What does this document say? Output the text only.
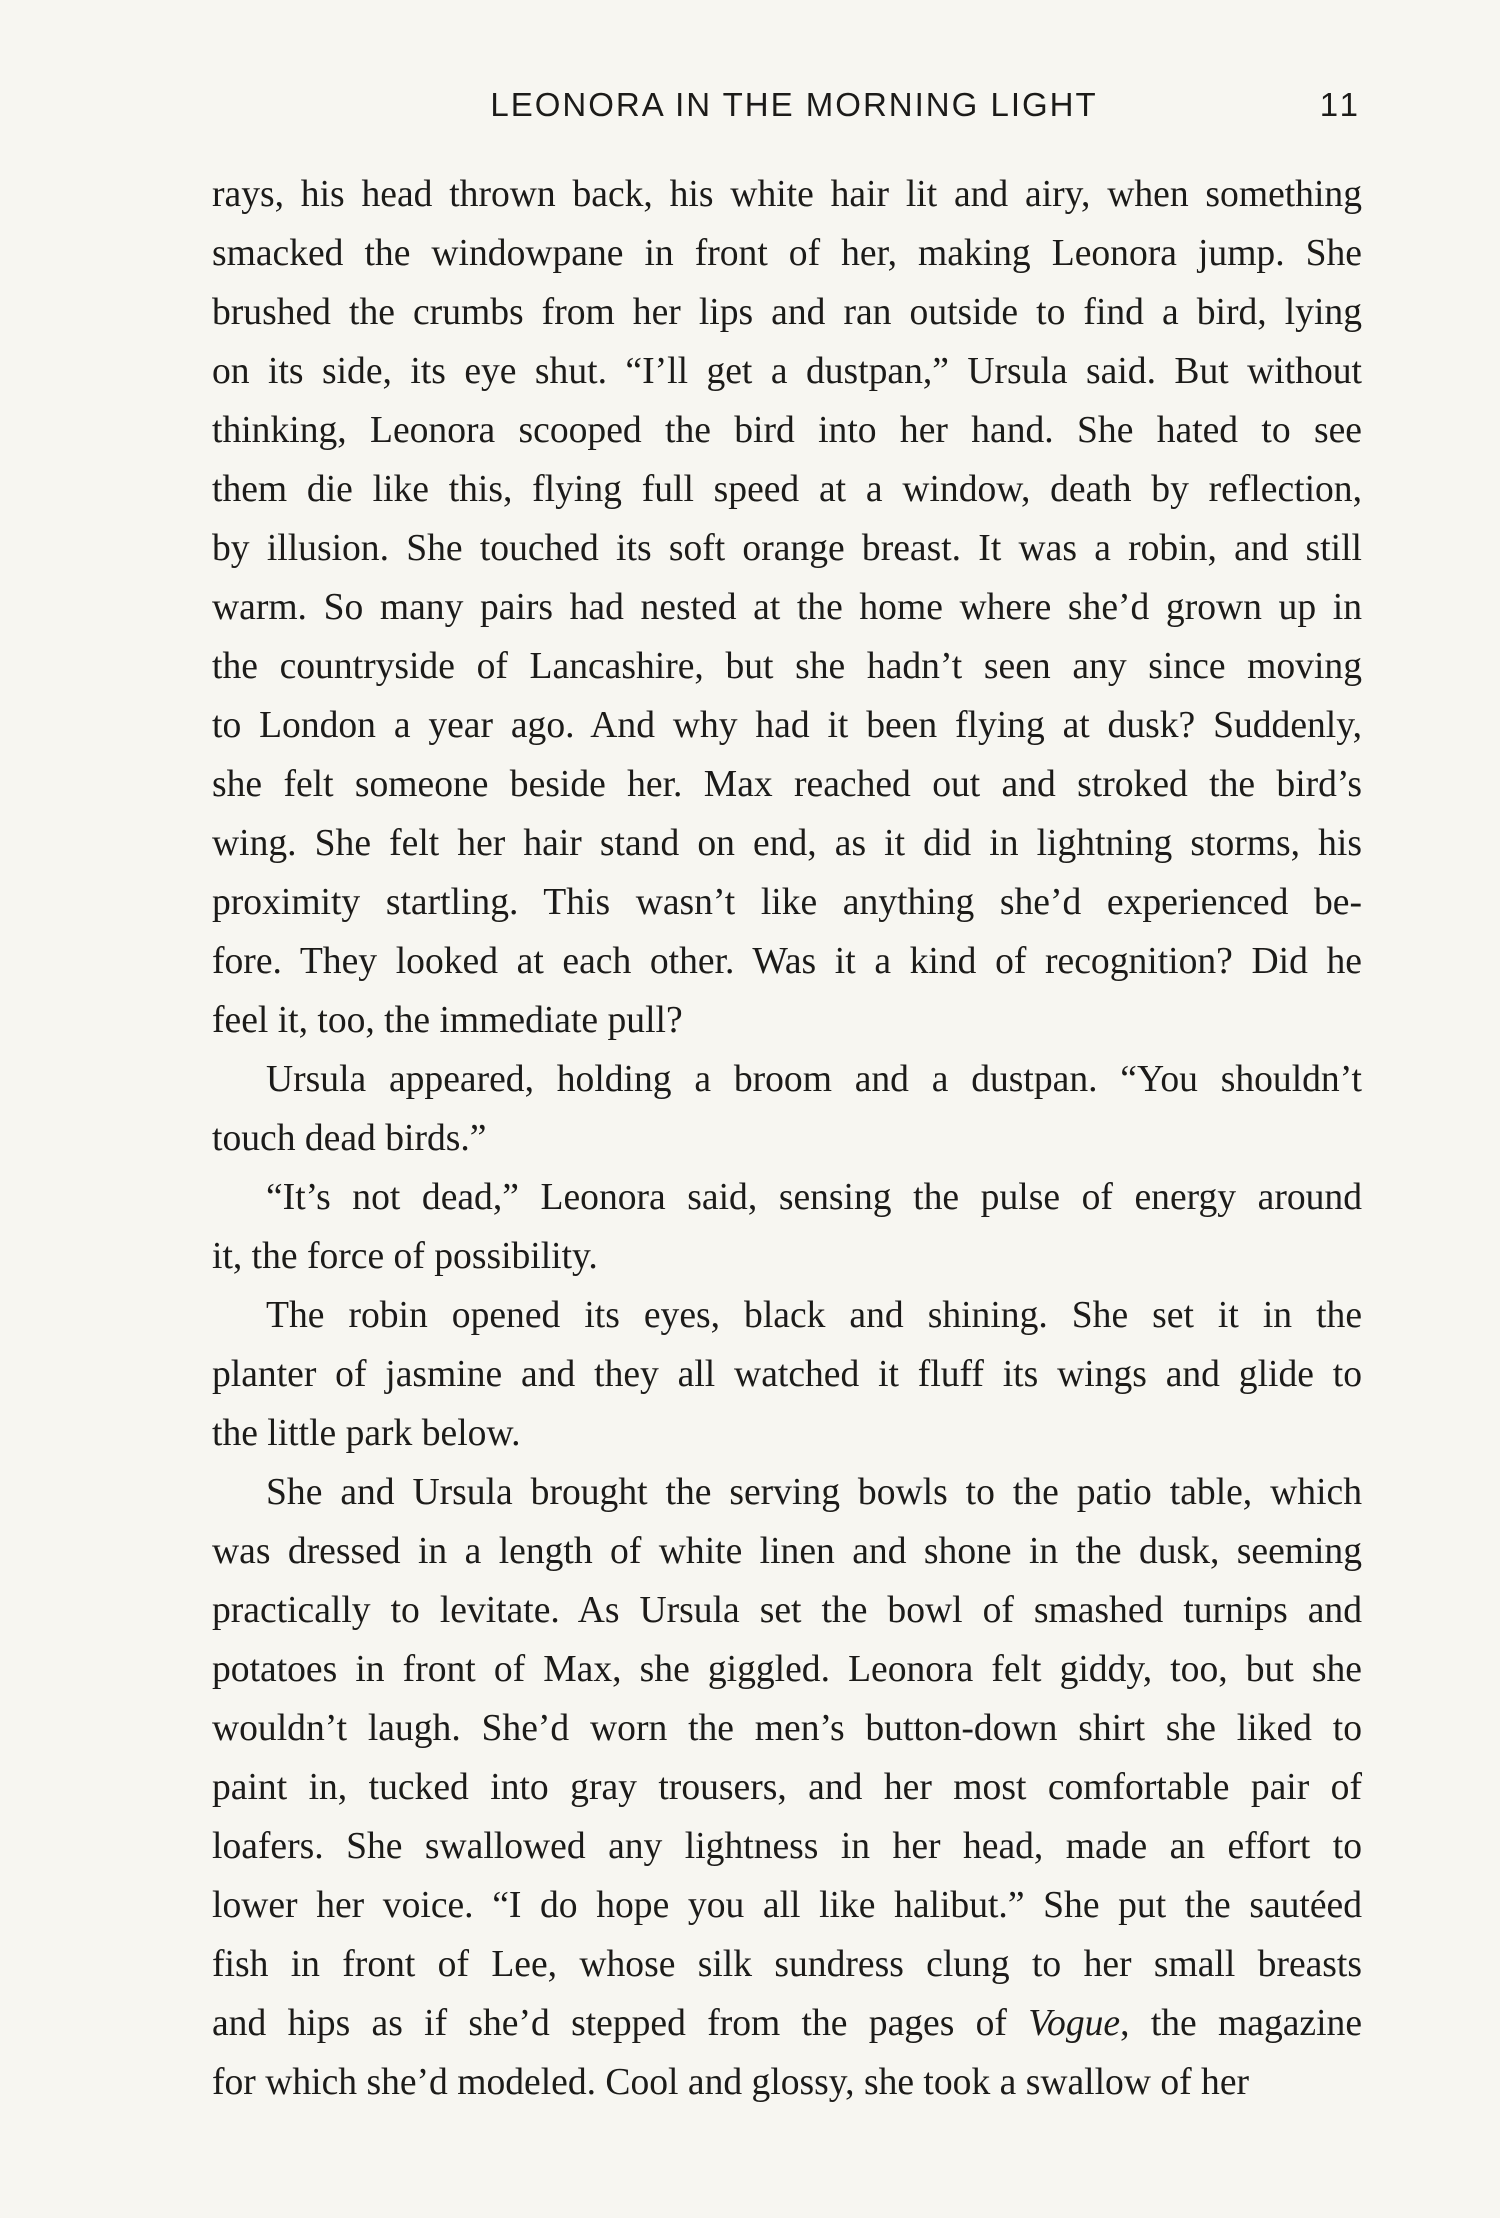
LEONORA IN THE MORNING LIGHT	11
rays, his head thrown back, his white hair lit and airy, when something
smacked the windowpane in front of her, making Leonora jump. She
brushed the crumbs from her lips and ran outside to find a bird, lying
on its side, its eye shut. “I’ll get a dustpan,” Ursula said. But without
thinking, Leonora scooped the bird into her hand. She hated to see
them die like this, flying full speed at a window, death by reflection,
by illusion. She touched its soft orange breast. It was a robin, and still
warm. So many pairs had nested at the home where she’d grown up in
the countryside of Lancashire, but she hadn’t seen any since moving
to London a year ago. And why had it been flying at dusk? Suddenly,
she felt someone beside her. Max reached out and stroked the bird’s
wing. She felt her hair stand on end, as it did in lightning storms, his
proximity startling. This wasn’t like anything she’d experienced be-
fore. They looked at each other. Was it a kind of recognition? Did he
feel it, too, the immediate pull?
Ursula appeared, holding a broom and a dustpan. “You shouldn’t
touch dead birds.”
“It’s not dead,” Leonora said, sensing the pulse of energy around
it, the force of possibility.
The robin opened its eyes, black and shining. She set it in the
planter of jasmine and they all watched it fluff its wings and glide to
the little park below.
She and Ursula brought the serving bowls to the patio table, which
was dressed in a length of white linen and shone in the dusk, seeming
practically to levitate. As Ursula set the bowl of smashed turnips and
potatoes in front of Max, she giggled. Leonora felt giddy, too, but she
wouldn’t laugh. She’d worn the men’s button-down shirt she liked to
paint in, tucked into gray trousers, and her most comfortable pair of
loafers. She swallowed any lightness in her head, made an effort to
lower her voice. “I do hope you all like halibut.” She put the sautéed
fish in front of Lee, whose silk sundress clung to her small breasts
and hips as if she’d stepped from the pages of Vogue, the magazine
for which she’d modeled. Cool and glossy, she took a swallow of her
